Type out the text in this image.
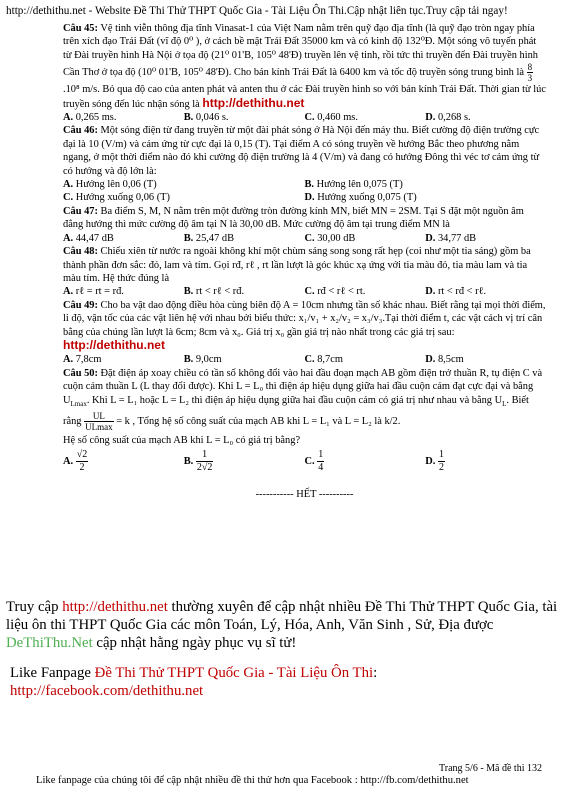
http://dethithu.net - Website Đề Thi Thử THPT Quốc Gia - Tài Liệu Ôn Thi.Cập nhật liên tục.Truy cập tải ngay!

Câu 45: Vệ tinh viễn thông địa tĩnh Vinasat-1 của Việt Nam nằm trên quỹ đạo địa tĩnh (là quỹ đạo tròn ngay phía trên xích đạo Trái Đất (vĩ độ 0⁰ ), ở cách bề mặt Trái Đất 35000 km và có kinh độ 132⁰Đ. Một sóng vô tuyến phát từ Đài truyền hình Hà Nội ở tọa độ (21⁰ 01'B, 105⁰ 48'Đ) truyền lên vệ tinh, rồi tức thì truyền đến Đài truyền hình Cần Thơ ở tọa độ (10⁰ 01'B, 105⁰ 48'Đ). Cho bán kính Trái Đất là 6400 km và tốc độ truyền sóng trung bình là $\frac{8}{3}$
.10⁸ m/s. Bỏ qua độ cao của anten phát và anten thu ở các Đài truyền hình so với bán kính Trái Đất. Thời gian từ lúc truyền sóng đến lúc nhận sóng là http://dethithu.net

A. 0,265 ms.	B. 0,046 s.	C. 0,460 ms.	D. 0,268 s.

Câu 46: Một sóng điện từ đang truyền từ một đài phát sóng ở Hà Nội đến máy thu. Biết cường độ điện trường cực đại là 10 (V/m) và cảm ứng từ cực đại là 0,15 (T). Tại điểm A có sóng truyền về hướng Bắc theo phương nằm ngang, ở một thời điểm nào đó khi cường độ điện trường là 4 (V/m) và đang có hướng Đông thì véc tơ cảm ứng từ có hướng và độ lớn là:

A. Hướng lên 0,06 (T)	B. Hướng lên 0,075 (T)
C. Hướng xuống 0,06 (T)	D. Hướng xuống 0,075 (T)

Câu 47: Ba điểm S, M, N nằm trên một đường tròn đường kính MN, biết MN = 2SM. Tại S đặt một nguồn âm đẳng hướng thì mức cường độ âm tại N là 30,00 dB. Mức cường độ âm tại trung điểm MN là

A. 44,47 dB	B. 25,47 dB	C. 30,00 dB	D. 34,77 dB

Câu 48: Chiếu xiên từ nước ra ngoài không khí một chùm sáng song song rất hẹp (coi như một tia sáng) gồm ba thành phần đơn sắc: đỏ, lam và tím. Gọi rđ, rℓ , rt lần lượt là góc khúc xạ ứng với tia màu đỏ, tia màu lam và tia màu tím. Hệ thức đúng là

A. rℓ = rt = rđ.	B. rt < rℓ < rđ.	C. rđ < rℓ < rt.	D. rt < rđ < rℓ.

Câu 49: Cho ba vật dao động điều hòa cùng biên độ A = 10cm nhưng tần số khác nhau. Biết rằng tại mọi thời điểm, li độ, vận tốc của các vật liên hệ với nhau bởi biểu thức: x₁/v₁ + x₂/v₂ = x₃/v₃.Tại thời điểm t, các vật cách vị trí cân bằng của chúng lần lượt là 6cm; 8cm và x₀. Giá trị x₀ gần giá trị nào nhất trong các giá trị sau: http://dethithu.net

A. 7,8cm	B. 9,0cm	C. 8,7cm	D. 8,5cm

Câu 50: Đặt điện áp xoay chiều có tần số không đổi vào hai đầu đoạn mạch AB gồm điện trở thuần R, tụ điện C và cuộn cảm thuần L (L thay đổi được). Khi L = L₀ thì điện áp hiệu dụng giữa hai đầu cuộn cảm đạt cực đại và bằng $U_{Lmax}$. Khi L = L₁ hoặc L = L₂ thì điện áp hiệu dụng giữa hai đầu cuộn cảm có giá trị như nhau và bằng $U_L$. Biết rằng $\frac{UL}{ULmax} = k$ , Tổng hệ số công suất của mạch AB khi L = L₁ và L = L₂ là k/2.

Hệ số công suất của mạch AB khi L = L₀ có giá trị bằng?

A. $\frac{√2}{2}$	B. $\frac{1}{2√2}$	C. $\frac{1}{4}$	D. $\frac{1}{2}$
----------- HẾT ----------
Truy cập http://dethithu.net thường xuyên để cập nhật nhiều Đề Thi Thử THPT Quốc Gia, tài liệu ôn thi THPT Quốc Gia các môn Toán, Lý, Hóa, Anh, Văn Sinh , Sử, Địa được DeThiThu.Net cập nhật hằng ngày phục vụ sĩ tử!
Like Fanpage Đề Thi Thử THPT Quốc Gia - Tài Liệu Ôn Thi:
http://facebook.com/dethithu.net
Trang 5/6 - Mã đề thi 132
Like fanpage của chúng tôi để cập nhật nhiều đề thi thử hơn qua Facebook : http://fb.com/dethithu.net
